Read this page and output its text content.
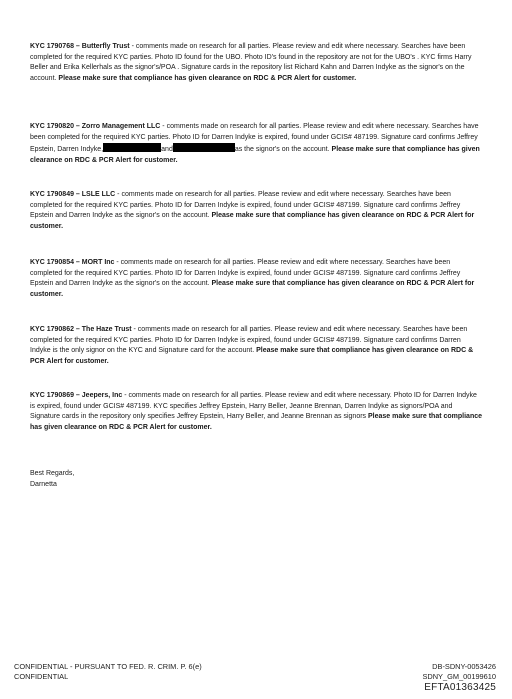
KYC 1790768 – Butterfly Trust - comments made on research for all parties. Please review and edit where necessary. Searches have been completed for the required KYC parties. Photo ID found for the UBO. Photo ID's found in the repository are not for the UBO's . KYC firms Harry Beller and Erika Kellerhals as the signor's/POA . Signature cards in the repository list Richard Kahn and Darren Indyke as the signor's on the account. Please make sure that compliance has given clearance on RDC & PCR Alert for customer.

KYC 1790820 – Zorro Management LLC - comments made on research for all parties. Please review and edit where necessary. Searches have been completed for the required KYC parties. Photo ID for Darren Indyke is expired, found under GCIS# 487199. Signature card confirms Jeffrey Epstein, Darren Indyke,	and	as the signor's on the account. Please make sure that compliance has given clearance on RDC & PCR Alert for customer.

KYC 1790849 – LSLE LLC - comments made on research for all parties. Please review and edit where necessary. Searches have been completed for the required KYC parties. Photo ID for Darren Indyke is expired, found under GCIS# 487199. Signature card confirms Jeffrey Epstein and Darren Indyke as the signor's on the account. Please make sure that compliance has given clearance on RDC & PCR Alert for customer.

KYC 1790854 – MORT Inc - comments made on research for all parties. Please review and edit where necessary. Searches have been completed for the required KYC parties. Photo ID for Darren Indyke is expired, found under GCIS# 487199. Signature card confirms Jeffrey Epstein and Darren Indyke as the signor's on the account. Please make sure that compliance has given clearance on RDC & PCR Alert for customer.

KYC 1790862 – The Haze Trust - comments made on research for all parties. Please review and edit where necessary. Searches have been completed for the required KYC parties. Photo ID for Darren Indyke is expired, found under GCIS# 487199. Signature card confirms Darren Indyke is the only signor on the KYC and Signature card for the account. Please make sure that compliance has given clearance on RDC & PCR Alert for customer.

KYC 1790869 – Jeepers, Inc - comments made on research for all parties. Please review and edit where necessary. Photo ID for Darren Indyke is expired, found under GCIS# 487199. KYC specifies Jeffrey Epstein, Harry Beller, Jeanne Brennan, Darren Indyke as signors/POA and Signature cards in the repository only specifies Jeffrey Epstein, Harry Beller, and Jeanne Brennan as signors Please make sure that compliance has given clearance on RDC & PCR Alert for customer.

Best Regards,
Darnetta
CONFIDENTIAL - PURSUANT TO FED. R. CRIM. P. 6(e)
CONFIDENTIAL
DB-SDNY-0053426
SDNY_GM_00199610
EFTA01363425
